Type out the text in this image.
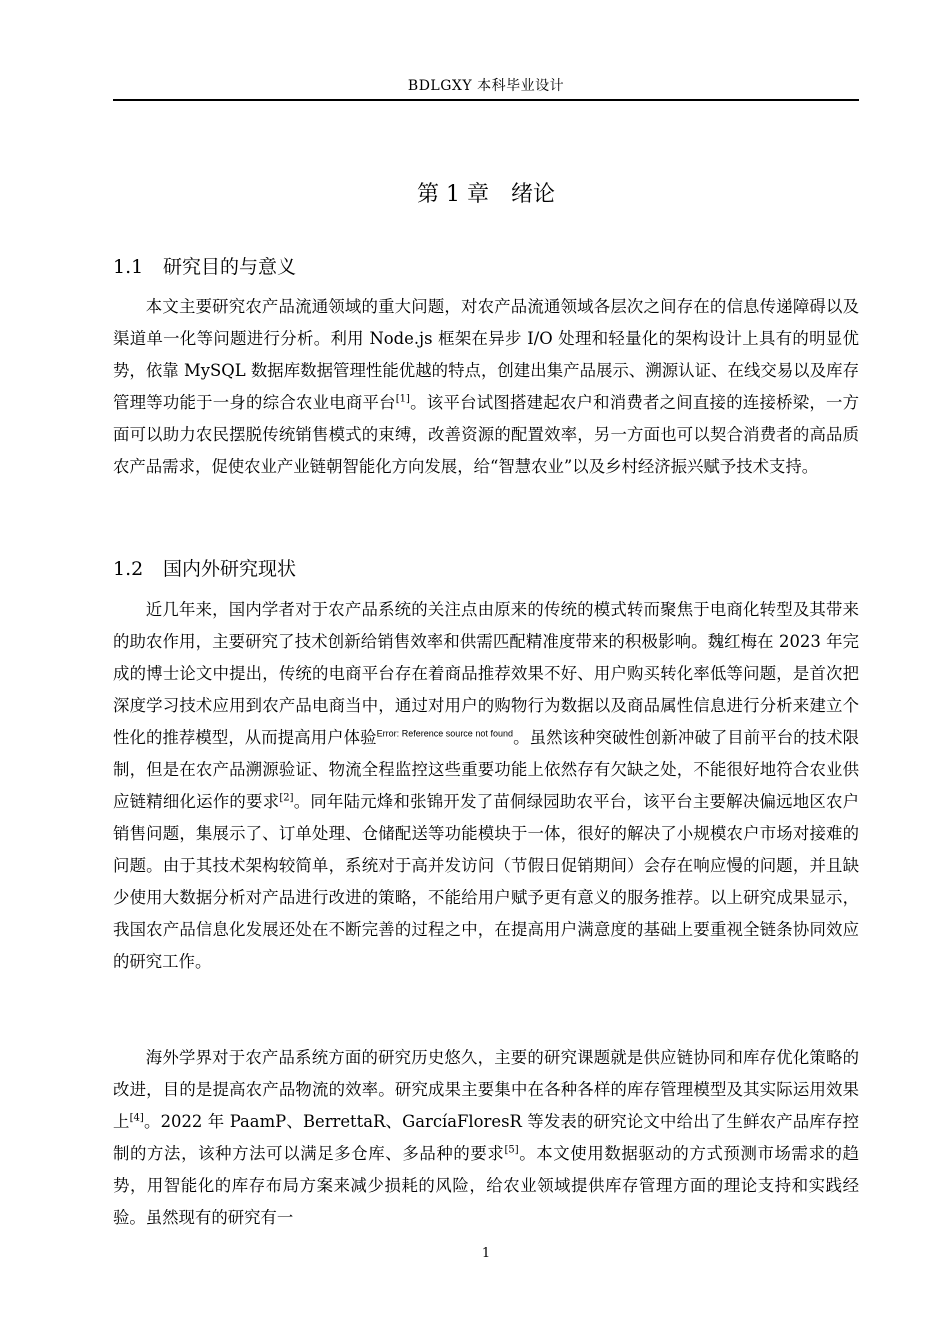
BDLGXY 本科毕业设计
第 1 章　绪论
1.1 研究目的与意义

本文主要研究农产品流通领域的重大问题，对农产品流通领域各层次之间存在的信息传递障碍以及渠道单一化等问题进行分析。利用 Node.js 框架在异步 I/O 处理和轻量化的架构设计上具有的明显优势，依靠 MySQL 数据库数据管理性能优越的特点，创建出集产品展示、溯源认证、在线交易以及库存管理等功能于一身的综合农业电商平台[1]。该平台试图搭建起农户和消费者之间直接的连接桥梁，一方面可以助力农民摆脱传统销售模式的束缚，改善资源的配置效率，另一方面也可以契合消费者的高品质农产品需求，促使农业产业链朝智能化方向发展，给“智慧农业”以及乡村经济振兴赋予技术支持。

1.2 国内外研究现状

近几年来，国内学者对于农产品系统的关注点由原来的传统的模式转而聚焦于电商化转型及其带来的助农作用，主要研究了技术创新给销售效率和供需匹配精准度带来的积极影响。魏红梅在 2023 年完成的博士论文中提出，传统的电商平台存在着商品推荐效果不好、用户购买转化率低等问题，是首次把深度学习技术应用到农产品电商当中，通过对用户的购物行为数据以及商品属性信息进行分析来建立个性化的推荐模型，从而提高用户体验$^{Error: Reference source not found}$。虽然该种突破性创新冲破了目前平台的技术限制，但是在农产品溯源验证、物流全程监控这些重要功能上依然存有欠缺之处，不能很好地符合农业供应链精细化运作的要求[2]。同年陆元烽和张锦开发了苗侗绿园助农平台，该平台主要解决偏远地区农户销售问题，集展示了、订单处理、仓储配送等功能模块于一体，很好的解决了小规模农户市场对接难的问题。由于其技术架构较简单，系统对于高并发访问（节假日促销期间）会存在响应慢的问题，并且缺少使用大数据分析对产品进行改进的策略，不能给用户赋予更有意义的服务推荐。以上研究成果显示，我国农产品信息化发展还处在不断完善的过程之中，在提高用户满意度的基础上要重视全链条协同效应的研究工作。

海外学界对于农产品系统方面的研究历史悠久，主要的研究课题就是供应链协同和库存优化策略的改进，目的是提高农产品物流的效率。研究成果主要集中在各种各样的库存管理模型及其实际运用效果上[4]。2022 年 PaamP、BerrettaR、GarcíaFloresR 等发表的研究论文中给出了生鲜农产品库存控制的方法，该种方法可以满足多仓库、多品种的要求[5]。本文使用数据驱动的方式预测市场需求的趋势，用智能化的库存布局方案来减少损耗的风险，给农业领域提供库存管理方面的理论支持和实践经验。虽然现有的研究有一

1
